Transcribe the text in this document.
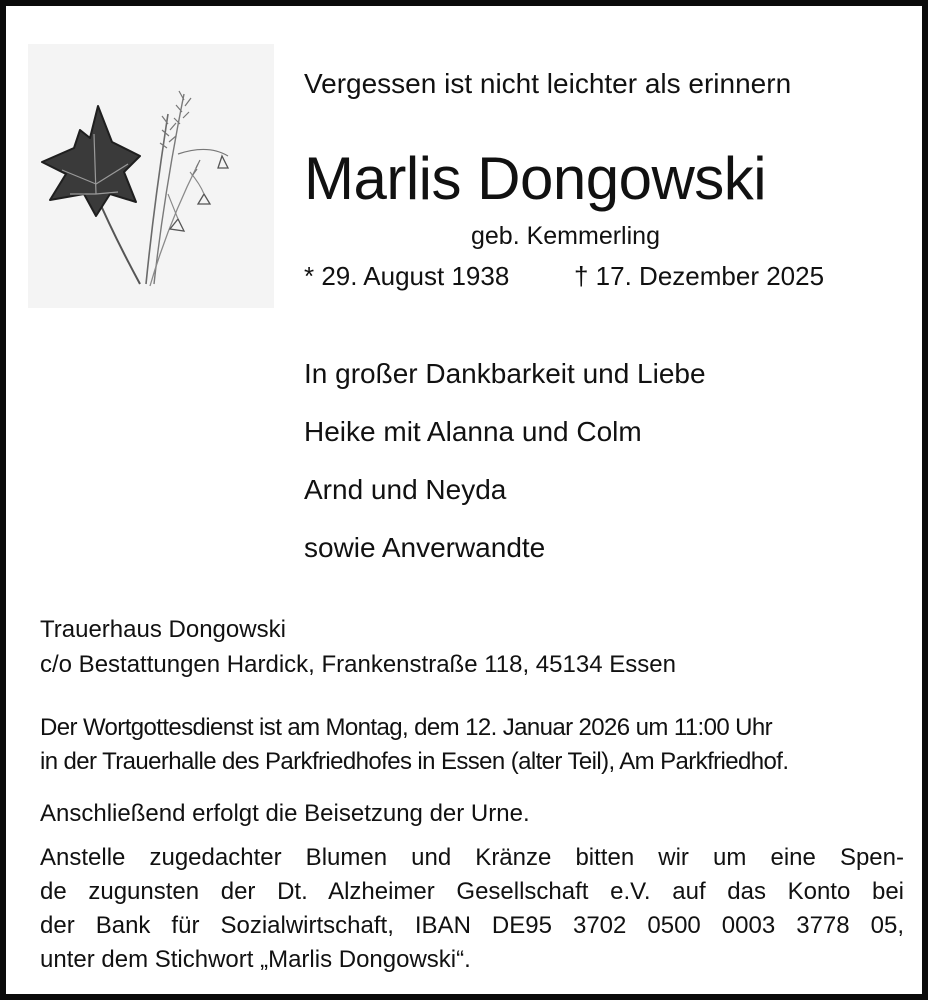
Vergessen ist nicht leichter als erinnern
Marlis Dongowski
geb. Kemmerling
* 29. August 1938 † 17. Dezember 2025
In großer Dankbarkeit und Liebe
Heike mit Alanna und Colm
Arnd und Neyda
sowie Anverwandte
Trauerhaus Dongowski
c/o Bestattungen Hardick, Frankenstraße 118, 45134 Essen
Der Wortgottesdienst ist am Montag, dem 12. Januar 2026 um 11:00 Uhr
in der Trauerhalle des Parkfriedhofes in Essen (alter Teil), Am Parkfriedhof.
Anschließend erfolgt die Beisetzung der Urne.
Anstelle zugedachter Blumen und Kränze bitten wir um eine Spen-
de zugunsten der Dt. Alzheimer Gesellschaft e.V. auf das Konto bei
der Bank für Sozialwirtschaft, IBAN DE95 3702 0500 0003 3778 05,
unter dem Stichwort „Marlis Dongowski“.
